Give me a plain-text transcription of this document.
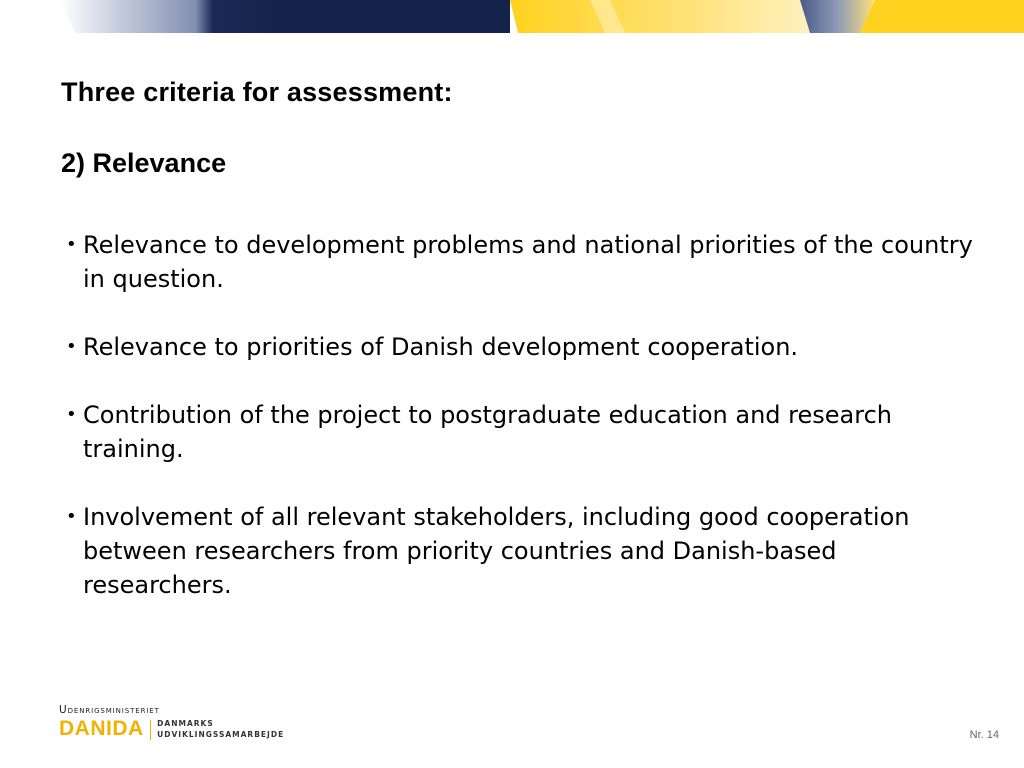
Three criteria for assessment:
2) Relevance
• Relevance to development problems and national priorities of the country in question.
• Relevance to priorities of Danish development cooperation.
• Contribution of the project to postgraduate education and research training.
• Involvement of all relevant stakeholders, including good cooperation between researchers from priority countries and Danish-based researchers.
Udenrigsministeriet
DANIDA DANMARKS
UDVIKLINGSSAMARBEJDE	Nr. 14
